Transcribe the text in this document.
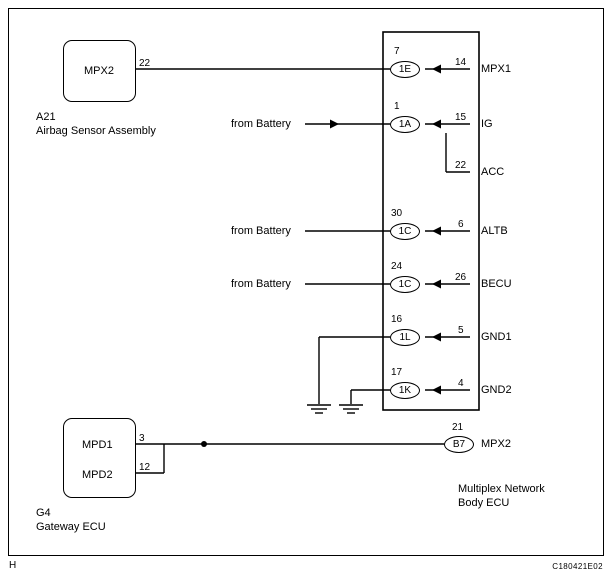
MPX2
22
A21
Airbag Sensor Assembly
MPD1
3
MPD2
12
G4
Gateway ECU
Multiplex Network
Body ECU
7
1E
14
MPX1
from Battery
1
1A
15
IG
22
ACC
from Battery
30
1C
6
ALTB
from Battery
24
1C
26
BECU
16
1L
5
GND1
17
1K
4
GND2
21
B7	MPX2
H	C180421E02
